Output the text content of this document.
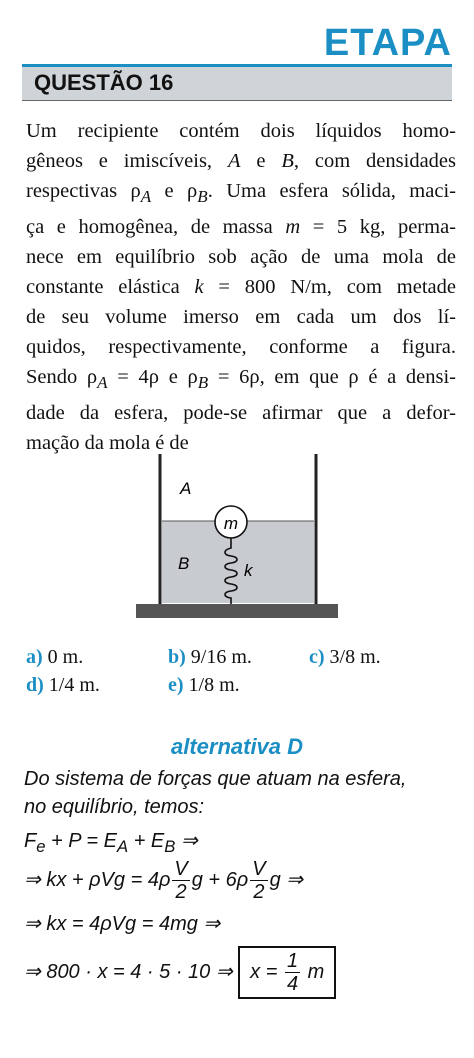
ETAPA
QUESTÃO 16
Um recipiente contém dois líquidos homo-
gêneos e imiscíveis, A e B, com densidades
respectivas $\rho_A$ e $\rho_B$. Uma esfera sólida, maci-
ça e homogênea, de massa m = 5 kg, perma-
nece em equilíbrio sob ação de uma mola de
constante elástica k = 800 N/m, com metade
de seu volume imerso em cada um dos lí-
quidos, respectivamente, conforme a figura.
Sendo $\rho_A = 4\rho$ e $\rho_B = 6\rho$, em que ρ é a densi-
dade da esfera, pode-se afirmar que a defor-
mação da mola é de
m
A
B	k
a) 0 m.	b) 9/16 m.	c) 3/8 m.
d) 1/4 m.	e) 1/8 m.
alternativa D
Do sistema de forças que atuam na esfera,
no equilíbrio, temos:
$F_e + P = E_A + E_B$ ⇒
⇒ kx + $\rho Vg = 4\rho \frac{V}{2}$ $g + 6\rho \frac{V}{2}$ g ⇒
⇒ kx = 4ρVg = 4mg ⇒
⇒ 800 · x = 4 · 5 · 10 ⇒ $x = \frac{1}{4}$ m
